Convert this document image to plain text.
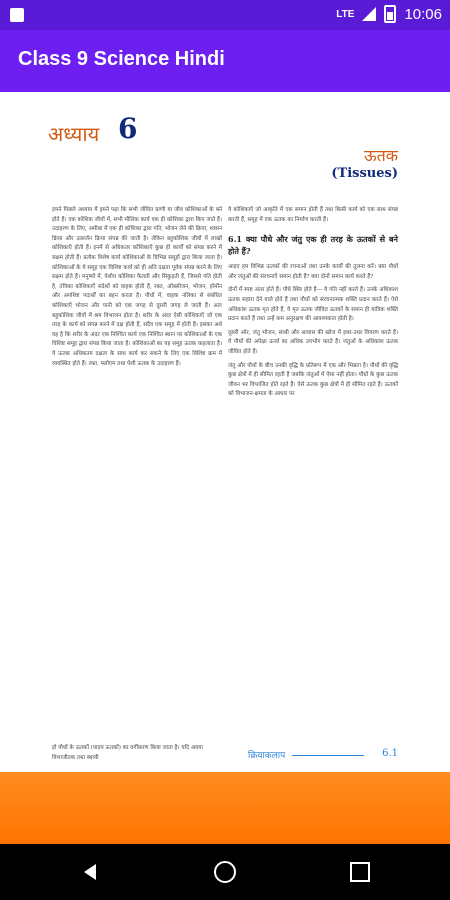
LTE	10:06
Class 9 Science Hindi
अध्याय 6
ऊतक
(Tissues)

हमने पिछले अध्याय में हमने पढ़ा कि सभी जीवित प्राणी या जीव कोशिकाओं के बने होते हैं। एक कोशिक जीवों में, सभी मौलिक कार्य एक ही कोशिका द्वारा किए जाते हैं। उदाहरण के लिए, अमीबा में एक ही कोशिका द्वारा गति, भोजन लेने की क्रिया, श्वसन क्रिया और उत्सर्जन क्रिया संपन्न की जाती है। लेकिन बहुकोशिक जीवों में लाखों कोशिकाएँ होती हैं। इनमें से अधिकतर कोशिकाएँ कुछ ही कार्यों को संपन्न करने में सक्षम होती हैं। प्रत्येक विशेष कार्य कोशिकाओं के विभिन्न समूहों द्वारा किया जाता है। कोशिकाओं के ये समूह एक विशिष्ट कार्य को ही अति दक्षता पूर्वक संपन्न करने के लिए सक्षम होते हैं। मनुष्यों में, पेशीय कोशिका फैलती और सिकुड़ती हैं, जिससे गति होती है, तंत्रिका कोशिकाएँ संदेशों को वाहक होती हैं, रक्त, ऑक्सीजन, भोजन, हॉर्मोन और अपशिष्ट पदार्थों का बहन करता है। पौधों में, वाहक नलिका से संबंधित कोशिकाएँ भोजन और पानी को एक जगह से दूसरी जगह ले जाती हैं। अतः बहुकोशिक जीवों में श्रम विभाजन होता है। शरीर के अंदर ऐसी कोशिकाएँ जो एक तरह के कार्य को संपन्न करने में दक्ष होती हैं, सदैव एक समूह में होती हैं। इसका अर्थ यह है कि शरीर के अंदर एक निश्चित कार्य एक निश्चित स्थान पर कोशिकाओं के एक विशिष्ट समूह द्वारा संपन्न किया जाता है। कोशिकाओं का यह समूह ऊतक कहलाता है। ये ऊतक अधिकतम दक्षता के साथ कार्य कर सकने के लिए एक विशिष्ट क्रम में व्यवस्थित होते हैं। रक्त, फ्लोएम तथा पेशी ऊतक के उदाहरण हैं।

ये कोशिकाएँ जो आकृति में एक समान होती हैं तथा किसी कार्य को एक साथ संपन्न करती हैं, समूह में एक ऊतक का निर्माण करती हैं।

6.1 क्या पौधे और जंतु एक ही तरह के ऊतकों से बने होते हैं?

आइए हम विभिन्न ऊतकों की रचनाओं तथा उनके कार्यों की तुलना करें। क्या पौधों और जंतुओं की संरचनाएँ समान होती हैं? क्या दोनों समान कार्य करते हैं?

दोनों में स्पष्ट अंतर होते हैं। पौधे स्थिर होते हैं— ये गति नहीं करते हैं। उनके अधिकांश ऊतक सहारा देने वाले होते हैं तथा पौधों को संरचनात्मक शक्ति प्रदान करते हैं। ऐसे अधिकांश ऊतक मृत होते हैं, ये मृत ऊतक जीवित ऊतकों के समान ही यांत्रिक शक्ति प्रदान करते हैं तथा उन्हें कम अनुरक्षण की आवश्यकता होती है।

दूसरी ओर, जंतु भोजन, साथी और आवास की खोज में इधर-उधर विचरण करते हैं। ये पौधों की अपेक्षा ऊर्जा का अधिक उपभोग करते हैं। जंतुओं के अधिकांश ऊतक जीवित होते हैं।

जंतु और पौधों के बीच उनकी वृद्धि के प्रतिरूप में एक और भिन्नता है। पौधों की वृद्धि कुछ क्षेत्रों में ही सीमित रहती है जबकि जंतुओं में ऐसा नहीं होता। पौधों के कुछ ऊतक जीवन भर विभाजित होते रहते हैं। ऐसे ऊतक कुछ क्षेत्रों में ही सीमित रहते हैं। ऊतकों को विभाजन-क्षमता के आधार पर

हो पौधों के ऊतकों (पादप ऊतकों) का वर्गीकरण किया जाता है। यदि अवया विभाजीतक तथा स्थायी	क्रियाकलाप	6.1
